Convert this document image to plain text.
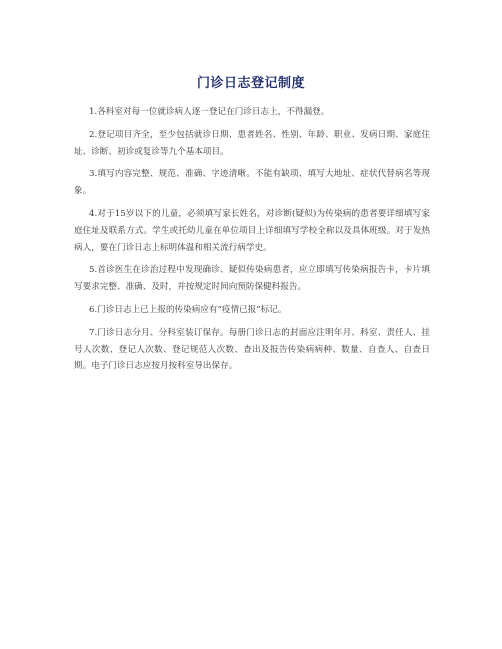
门诊日志登记制度

1.各科室对每一位就诊病人逐一登记在门诊日志上，不得漏登。

2.登记项目齐全，至少包括就诊日期、患者姓名、性别、年龄、职业、发病日期、家庭住址、诊断、初诊或复诊等九个基本项目。

3.填写内容完整、规范、准确、字迹清晰。不能有缺项、填写大地址、症状代替病名等现象。

4.对于15岁以下的儿童，必须填写家长姓名，对诊断(疑似)为传染病的患者要详细填写家庭住址及联系方式。学生或托幼儿童在单位项目上详细填写学校全称以及具体班级。对于发热病人，要在门诊日志上标明体温和相关流行病学史。

5.首诊医生在诊治过程中发现确诊、疑似传染病患者，应立即填写传染病报告卡，卡片填写要求完整、准确、及时，并按规定时间向预防保健科报告。

6.门诊日志上已上报的传染病应有“疫情已报”标记。

7.门诊日志分月、分科室装订保存。每册门诊日志的封面应注明年月、科室、责任人、挂号人次数、登记人次数、登记规范人次数、查出及报告传染病病种、数量、自查人、自查日期。电子门诊日志应按月按科室导出保存。
